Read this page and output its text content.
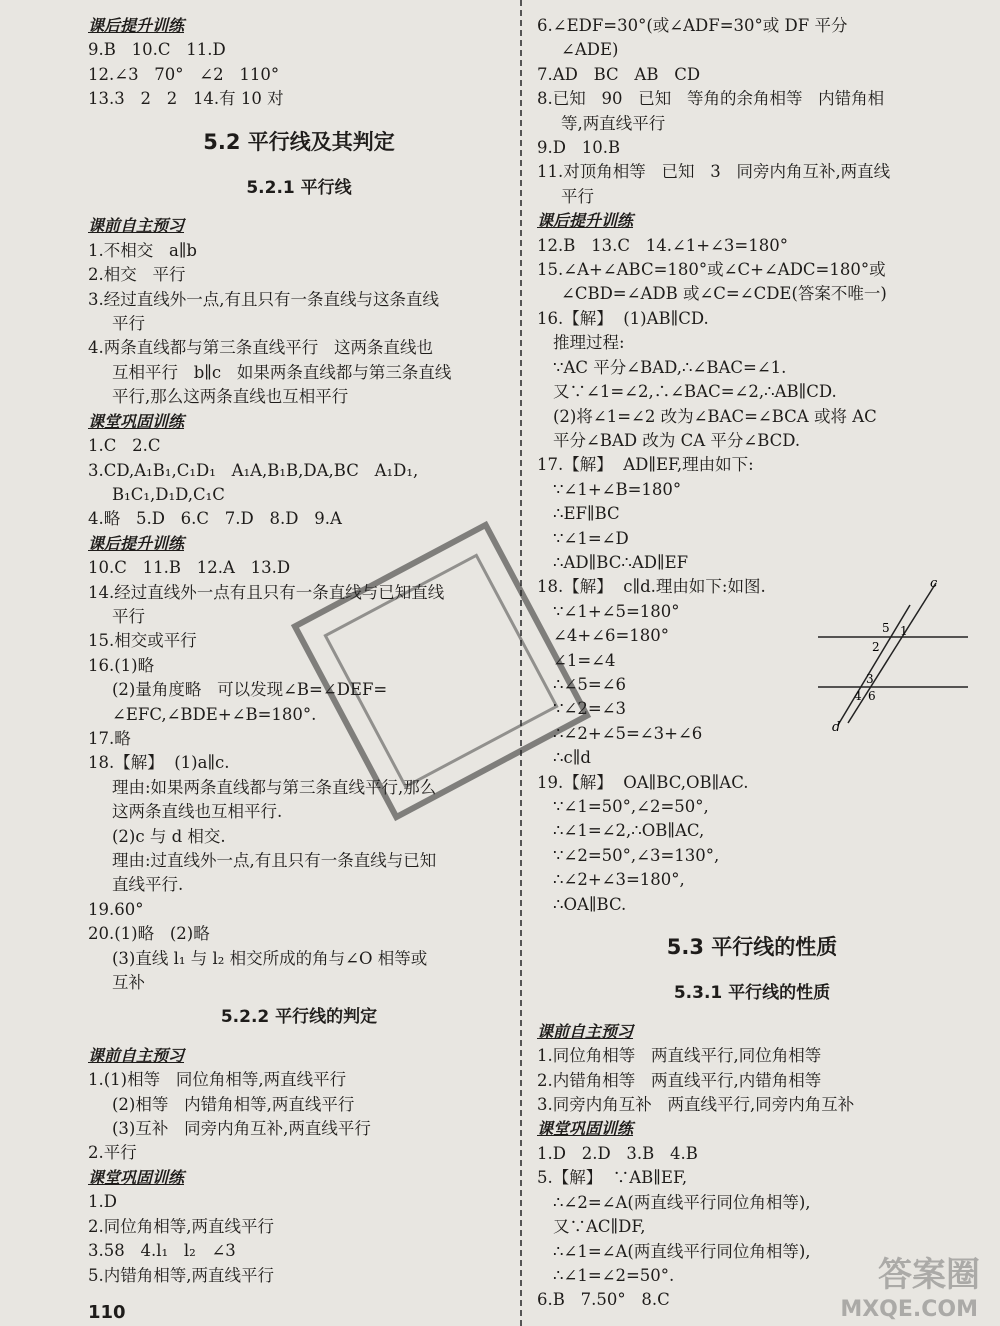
课后提升训练
9.B   10.C   11.D
12.∠3   70°   ∠2   110°
13.3   2   2   14.有 10 对
5.2 平行线及其判定
5.2.1 平行线
课前自主预习
1.不相交   a∥b
2.相交   平行
3.经过直线外一点,有且只有一条直线与这条直线
平行
4.两条直线都与第三条直线平行   这两条直线也
互相平行   b∥c   如果两条直线都与第三条直线
平行,那么这两条直线也互相平行
课堂巩固训练
1.C   2.C
3.CD,A₁B₁,C₁D₁   A₁A,B₁B,DA,BC   A₁D₁,
B₁C₁,D₁D,C₁C
4.略   5.D   6.C   7.D   8.D   9.A
课后提升训练
10.C   11.B   12.A   13.D
14.经过直线外一点有且只有一条直线与已知直线
平行
15.相交或平行
16.(1)略
(2)量角度略   可以发现∠B=∠DEF=
∠EFC,∠BDE+∠B=180°.
17.略
18.【解】  (1)a∥c.
理由:如果两条直线都与第三条直线平行,那么
这两条直线也互相平行.
(2)c 与 d 相交.
理由:过直线外一点,有且只有一条直线与已知
直线平行.
19.60°
20.(1)略   (2)略
(3)直线 l₁ 与 l₂ 相交所成的角与∠O 相等或
互补
5.2.2 平行线的判定
课前自主预习
1.(1)相等   同位角相等,两直线平行
(2)相等   内错角相等,两直线平行
(3)互补   同旁内角互补,两直线平行
2.平行
课堂巩固训练
1.D
2.同位角相等,两直线平行
3.58   4.l₁   l₂   ∠3
5.内错角相等,两直线平行
6.∠EDF=30°(或∠ADF=30°或 DF 平分
∠ADE)
7.AD   BC   AB   CD
8.已知   90   已知   等角的余角相等   内错角相
等,两直线平行
9.D   10.B
11.对顶角相等   已知   3   同旁内角互补,两直线
平行
课后提升训练
12.B   13.C   14.∠1+∠3=180°
15.∠A+∠ABC=180°或∠C+∠ADC=180°或
∠CBD=∠ADB 或∠C=∠CDE(答案不唯一)
16.【解】  (1)AB∥CD.
推理过程:
∵AC 平分∠BAD,∴∠BAC=∠1.
又∵∠1=∠2,∴∠BAC=∠2,∴AB∥CD.
(2)将∠1=∠2 改为∠BAC=∠BCA 或将 AC
平分∠BAD 改为 CA 平分∠BCD.
17.【解】  AD∥EF,理由如下:
∵∠1+∠B=180°
∴EF∥BC
∵∠1=∠D
∴AD∥BC∴AD∥EF
18.【解】  c∥d.理由如下:如图.
∵∠1+∠5=180°
∠4+∠6=180°
∠1=∠4
∴∠5=∠6
∵∠2=∠3
∴∠2+∠5=∠3+∠6
∴c∥d
19.【解】  OA∥BC,OB∥AC.
∵∠1=50°,∠2=50°,
∴∠1=∠2,∴OB∥AC,
∵∠2=50°,∠3=130°,
∴∠2+∠3=180°,
∴OA∥BC.
5.3 平行线的性质
5.3.1 平行线的性质
课前自主预习
1.同位角相等   两直线平行,同位角相等
2.内错角相等   两直线平行,内错角相等
3.同旁内角互补   两直线平行,同旁内角互补
课堂巩固训练
1.D   2.D   3.B   4.B
5.【解】  ∵AB∥EF,
∴∠2=∠A(两直线平行同位角相等),
又∵AC∥DF,
∴∠1=∠A(两直线平行同位角相等),
∴∠1=∠2=50°.
6.B   7.50°   8.C
c
5 1
2
3
4 6
d
答案圈
MXQE.COM
110
